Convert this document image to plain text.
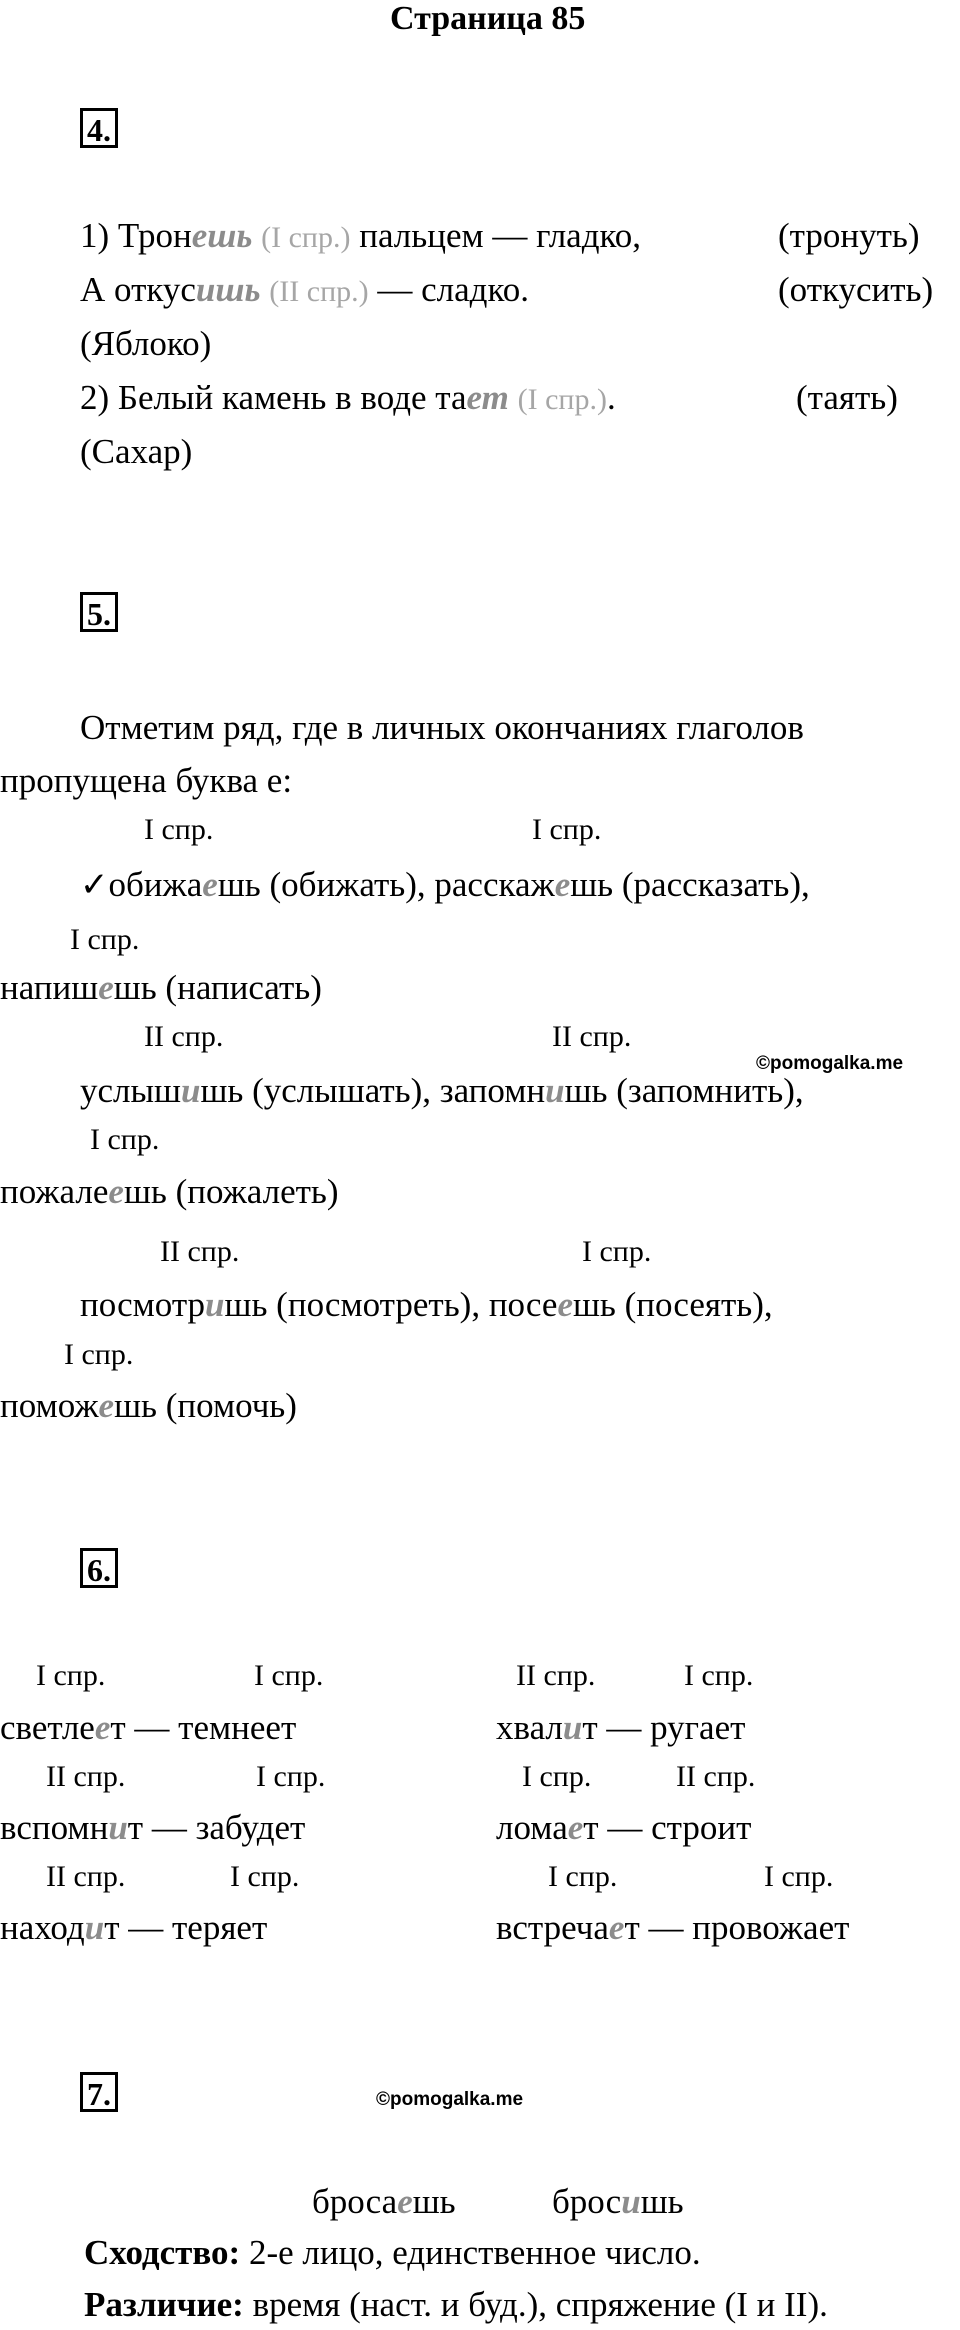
Страница 85
4.
1) Тронешь (I спр.) пальцем — гладко,	(тронуть)
А откусишь (II спр.) — сладко.	(откусить)
(Яблоко)
2) Белый камень в воде тает (I спр.).	(таять)
(Сахар)
5.
Отметим ряд, где в личных окончаниях глаголов
пропущена буква е:
I спр.	I спр.
✓обижаешь (обижать), расскажешь (рассказать),
I спр.
напишешь (написать)
II спр.	II спр.
©pomogalka.me
услышишь (услышать), запомнишь (запомнить),
I спр.
пожалеешь (пожалеть)
II спр.	I спр.
посмотришь (посмотреть), посеешь (посеять),
I спр.
поможешь (помочь)
6.
I спр.	I спр.
светлеет — темнеет
II спр.	I спр.
вспомнит — забудет
II спр.	I спр.
находит — теряет
II спр.	I спр.
хвалит — ругает
I спр.	II спр.
ломает — строит
I спр.	I спр.
встречает — провожает
7.	©pomogalka.me
бросаешь	бросишь
Сходство: 2-е лицо, единственное число.
Различие: время (наст. и буд.), спряжение (I и II).
